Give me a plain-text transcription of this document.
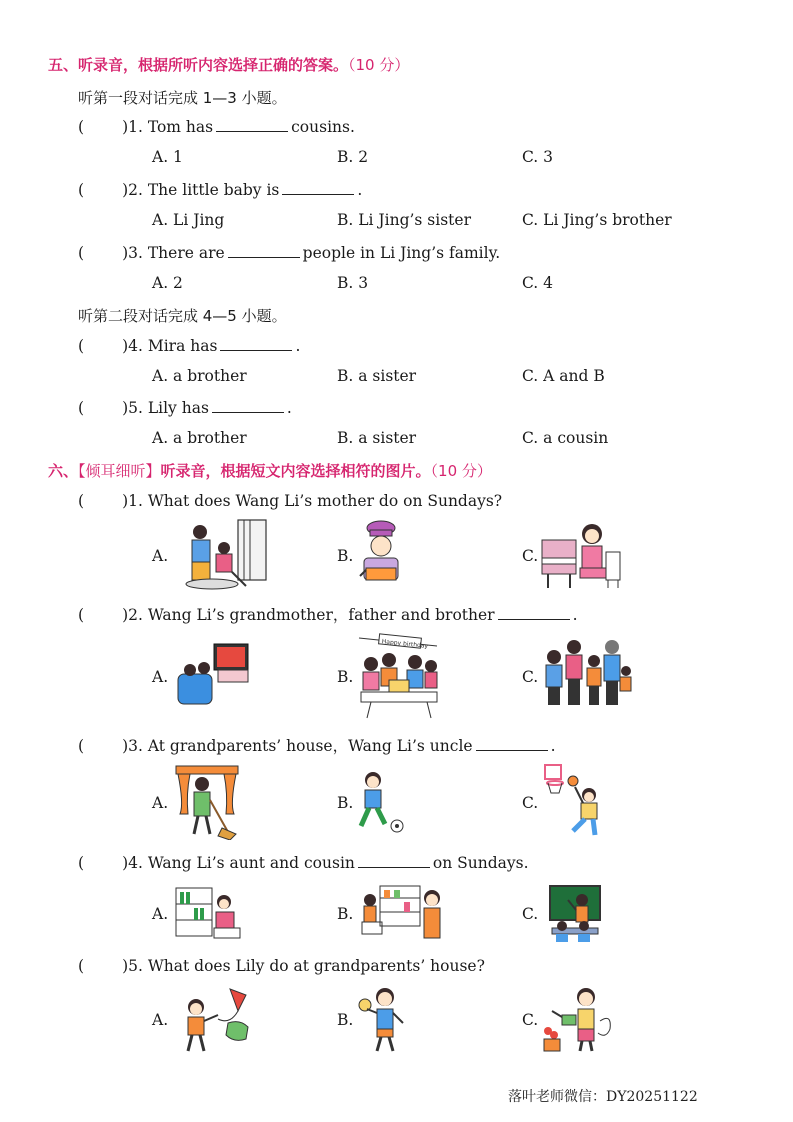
五、听录音，根据所听内容选择正确的答案。（10 分）
听第一段对话完成 1—3 小题。
( )1. Tom has	cousins.
A. 1	B. 2	C. 3
( )2. The little baby is	.
A. Li Jing	B. Li Jing’s sister	C. Li Jing’s brother
( )3. There are	people in Li Jing’s family.
A. 2	B. 3	C. 4
听第二段对话完成 4—5 小题。
( )4. Mira has	.
A. a brother	B. a sister	C. A and B
( )5. Lily has	.
A. a brother	B. a sister	C. a cousin
六、【倾耳细听】听录音，根据短文内容选择相符的图片。（10 分）
( )1. What does Wang Li’s mother do on Sundays?
A.	B.	C.
( )2. Wang Li’s grandmother，father and brother	.
A.	B.	C.
Happy birthday
( )3. At grandparents’ house，Wang Li’s uncle	.
A.	B.	C.
( )4. Wang Li’s aunt and cousin	on Sundays.
A.	B.	C.
( )5. What does Lily do at grandparents’ house?
A.	B.	C.
落叶老师微信：DY20251122
